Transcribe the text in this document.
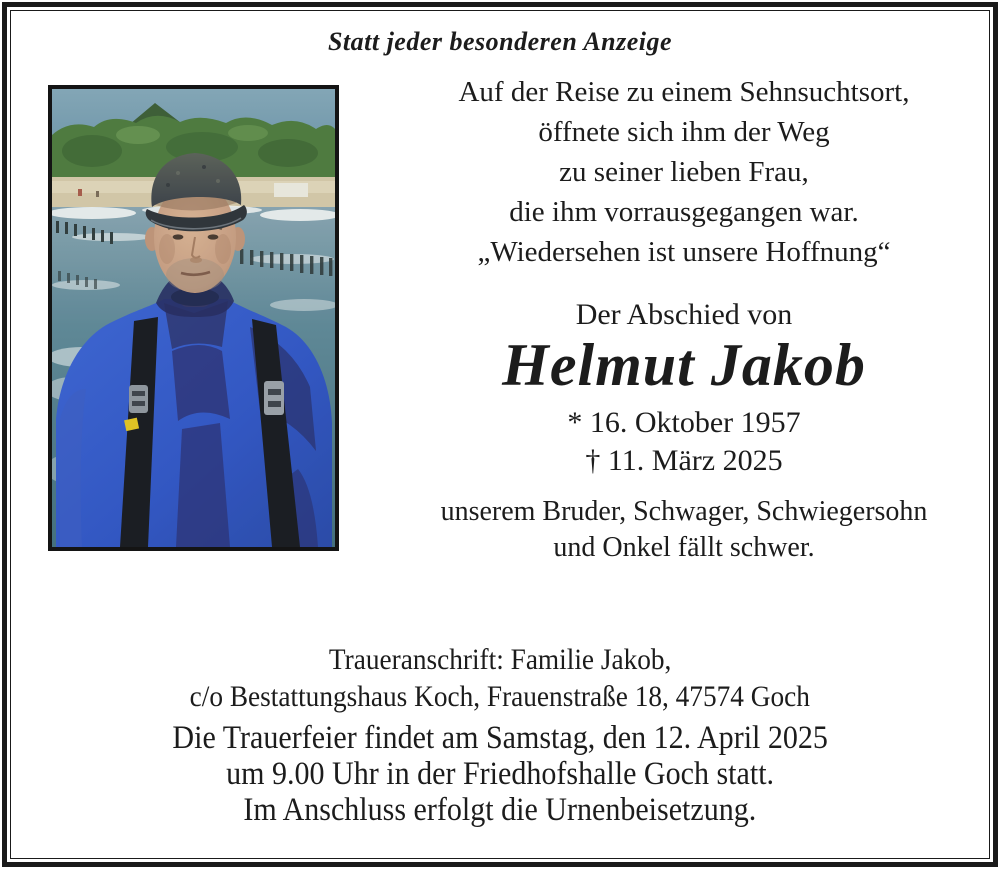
Statt jeder besonderen Anzeige
Auf der Reise zu einem Sehnsuchtsort,
öffnete sich ihm der Weg
zu seiner lieben Frau,
die ihm vorrausgegangen war.
„Wiedersehen ist unsere Hoffnung“
Der Abschied von
Helmut Jakob
* 16. Oktober 1957
† 11. März 2025
unserem Bruder, Schwager, Schwiegersohn
und Onkel fällt schwer.
Traueranschrift: Familie Jakob,
c/o Bestattungshaus Koch, Frauenstraße 18, 47574 Goch
Die Trauerfeier findet am Samstag, den 12. April 2025
um 9.00 Uhr in der Friedhofshalle Goch statt.
Im Anschluss erfolgt die Urnenbeisetzung.
